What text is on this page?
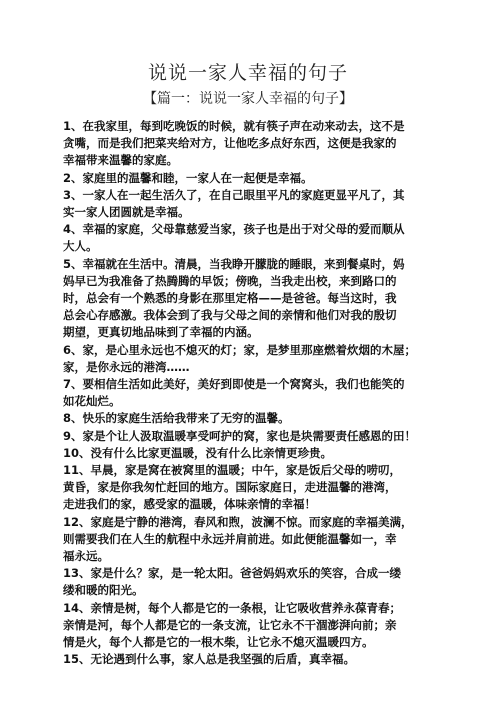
说说一家人幸福的句子
【篇一：说说一家人幸福的句子】

1、在我家里，每到吃晚饭的时候，就有筷子声在动来动去，这不是
贪嘴，而是我们把菜夹给对方，让他吃多点好东西，这便是我家的
幸福带来温馨的家庭。

2、家庭里的温馨和睦，一家人在一起便是幸福。

3、一家人在一起生活久了，在自己眼里平凡的家庭更显平凡了，其
实一家人团圆就是幸福。

4、幸福的家庭，父母靠慈爱当家，孩子也是出于对父母的爱而顺从
大人。

5、幸福就在生活中。清晨，当我睁开朦胧的睡眼，来到餐桌时，妈
妈早已为我准备了热腾腾的早饭；傍晚，当我走出校，来到路口的
时，总会有一个熟悉的身影在那里定格——是爸爸。每当这时，我
总会心存感激。我体会到了我与父母之间的亲情和他们对我的殷切
期望，更真切地品味到了幸福的内涵。

6、家，是心里永远也不熄灭的灯；家，是梦里那座燃着炊烟的木屋；
家，是你永远的港湾……

7、要相信生活如此美好，美好到即使是一个窝窝头，我们也能笑的
如花灿烂。

8、快乐的家庭生活给我带来了无穷的温馨。

9、家是个让人汲取温暖享受呵护的窝，家也是块需要责任感恩的田！

10、没有什么比家更温暖，没有什么比亲情更珍贵。

11、早晨，家是窝在被窝里的温暖；中午，家是饭后父母的唠叨，
黄昏，家是你我匆忙赶回的地方。国际家庭日，走进温馨的港湾，
走进我们的家，感受家的温暖，体味亲情的幸福！

12、家庭是宁静的港湾，春风和煦，波澜不惊。而家庭的幸福美满，
则需要我们在人生的航程中永远并肩前进。如此便能温馨如一，幸
福永远。

13、家是什么？家，是一轮太阳。爸爸妈妈欢乐的笑容，合成一缕
缕和暖的阳光。

14、亲情是树，每个人都是它的一条根，让它吸收营养永葆青春；
亲情是河，每个人都是它的一条支流，让它永不干涸澎湃向前；亲
情是火，每个人都是它的一根木柴，让它永不熄灭温暖四方。

15、无论遇到什么事，家人总是我坚强的后盾，真幸福。
